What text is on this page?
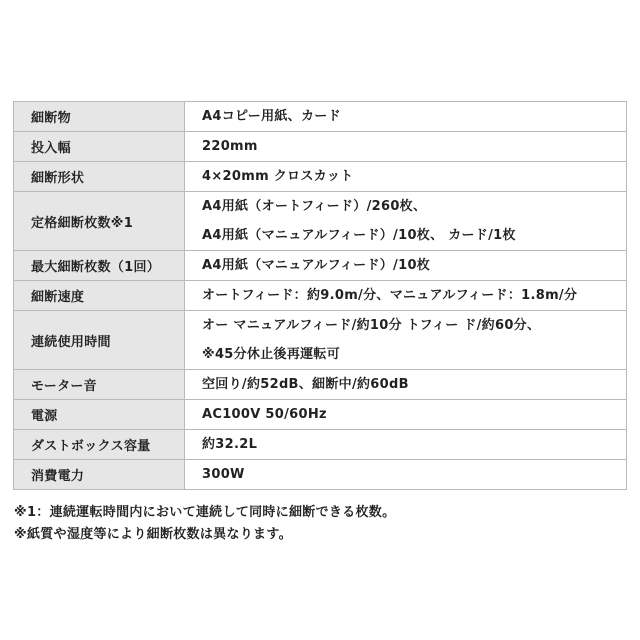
細断物	A4コピー用紙、カード

投入幅	220mm

細断形状	4×20mm クロスカット

定格細断枚数※1	A4用紙（オートフィード）/260枚、
A4用紙（マニュアルフィード）/10枚、 カード/1枚

最大細断枚数（1回）	A4用紙（マニュアルフィード）/10枚

細断速度	オートフィード：約9.0m/分、マニュアルフィード：1.8m/分

連続使用時間	オー マニュアルフィード/約10分 トフィー ド/約60分、
※45分休止後再運転可

モーター音	空回り/約52dB、細断中/約60dB

電源	AC100V 50/60Hz

ダストボックス容量	約32.2L

消費電力	300W
※1：連続運転時間内において連続して同時に細断できる枚数。
※紙質や湿度等により細断枚数は異なります。
